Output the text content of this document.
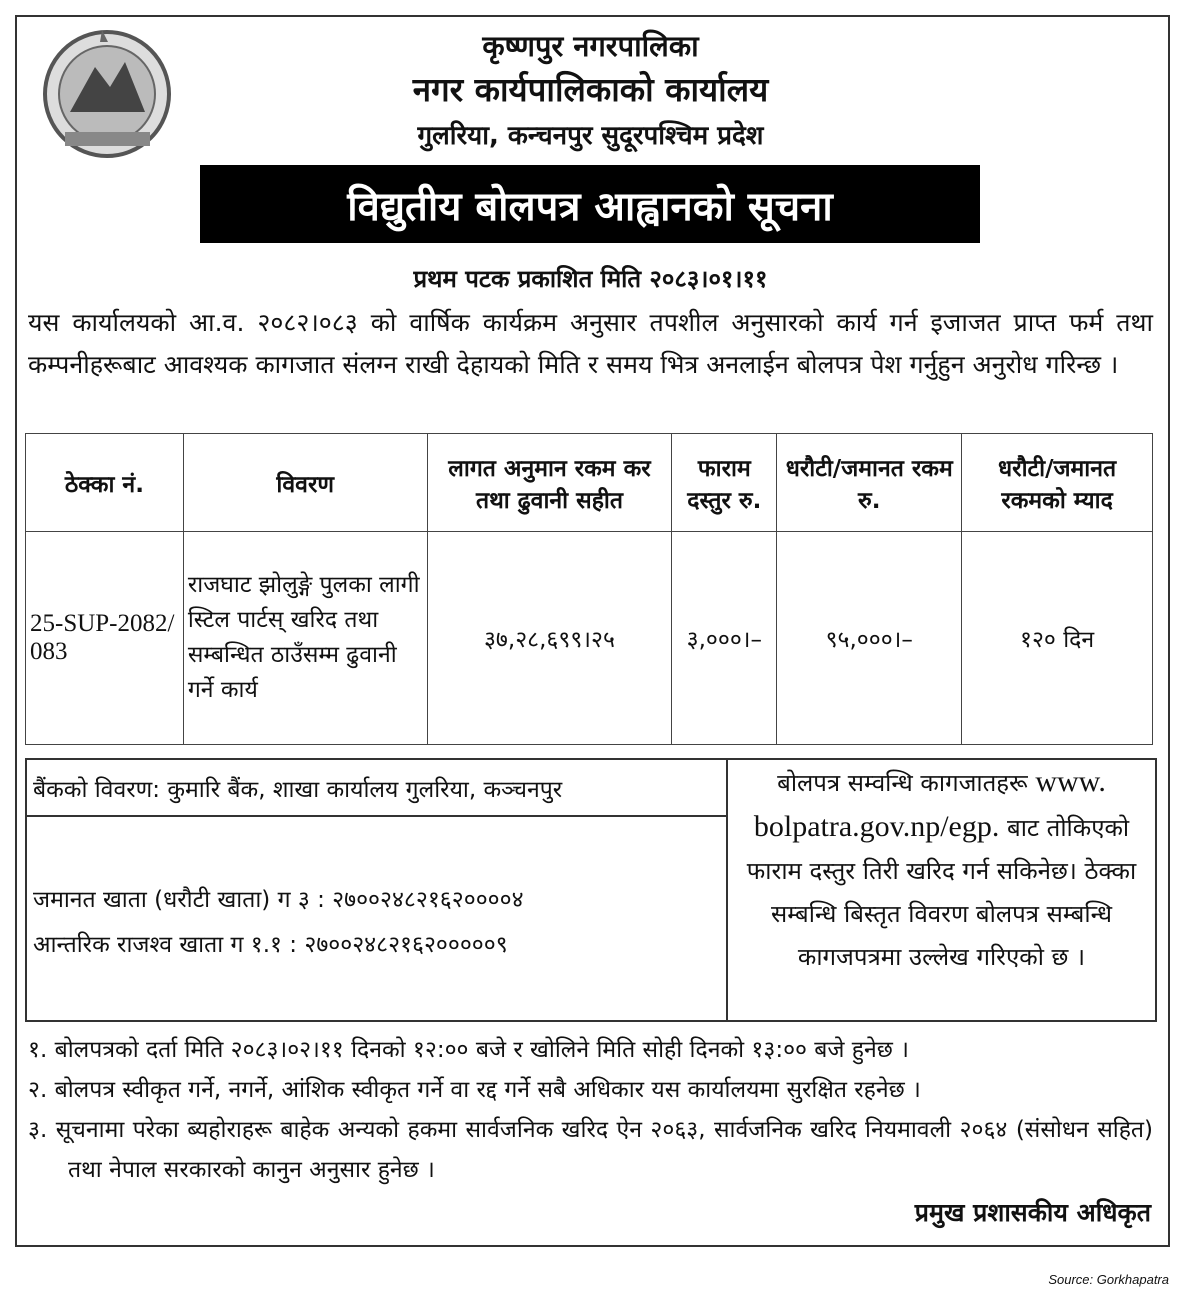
कृष्णपुर नगरपालिका
नगर कार्यपालिकाको कार्यालय
गुलरिया, कन्चनपुर सुदूरपश्चिम प्रदेश
विद्युतीय बोलपत्र आह्वानको सूचना
प्रथम पटक प्रकाशित मिति २०८३।०१।११
यस कार्यालयको आ.व. २०८२।०८३ को वार्षिक कार्यक्रम अनुसार तपशील अनुसारको कार्य गर्न इजाजत प्राप्त फर्म तथा कम्पनीहरूबाट आवश्यक कागजात संलग्न राखी देहायको मिति र समय भित्र अनलाईन बोलपत्र पेश गर्नुहुन अनुरोध गरिन्छ ।
ठेक्का नं.	विवरण	लागत अनुमान रकम कर तथा ढुवानी सहीत	फाराम दस्तुर रु.	धरौटी/जमानत रकम रु.	धरौटी/जमानत रकमको म्याद
25-SUP-2082/ 083	राजघाट झोलुङ्गे पुलका लागी स्टिल पार्टस् खरिद तथा सम्बन्धित ठाउँसम्म ढुवानी गर्ने कार्य	३७,२८,६९९।२५	३,०००।–	९५,०००।–	१२० दिन
बैंकको विवरण: कुमारि बैंक, शाखा कार्यालय गुलरिया, कञ्चनपुर
जमानत खाता (धरौटी खाता) ग ३ : २७००२४८२१६२००००४
आन्तरिक राजश्व खाता ग १.१ : २७००२४८२१६२०००००९
बोलपत्र सम्वन्धि कागजातहरू www. bolpatra.gov.np/egp. बाट तोकिएको फाराम दस्तुर तिरी खरिद गर्न सकिनेछ। ठेक्का सम्बन्धि बिस्तृत विवरण बोलपत्र सम्बन्धि कागजपत्रमा उल्लेख गरिएको छ ।
१. बोलपत्रको दर्ता मिति २०८३।०२।११ दिनको १२:०० बजे र खोलिने मिति सोही दिनको १३:०० बजे हुनेछ ।
२. बोलपत्र स्वीकृत गर्ने, नगर्ने, आंशिक स्वीकृत गर्ने वा रद्द गर्ने सबै अधिकार यस कार्यालयमा सुरक्षित रहनेछ ।
३. सूचनामा परेका ब्यहोराहरू बाहेक अन्यको हकमा सार्वजनिक खरिद ऐन २०६३, सार्वजनिक खरिद नियमावली २०६४ (संसोधन सहित) तथा नेपाल सरकारको कानुन अनुसार हुनेछ ।
प्रमुख प्रशासकीय अधिकृत
Source: Gorkhapatra
